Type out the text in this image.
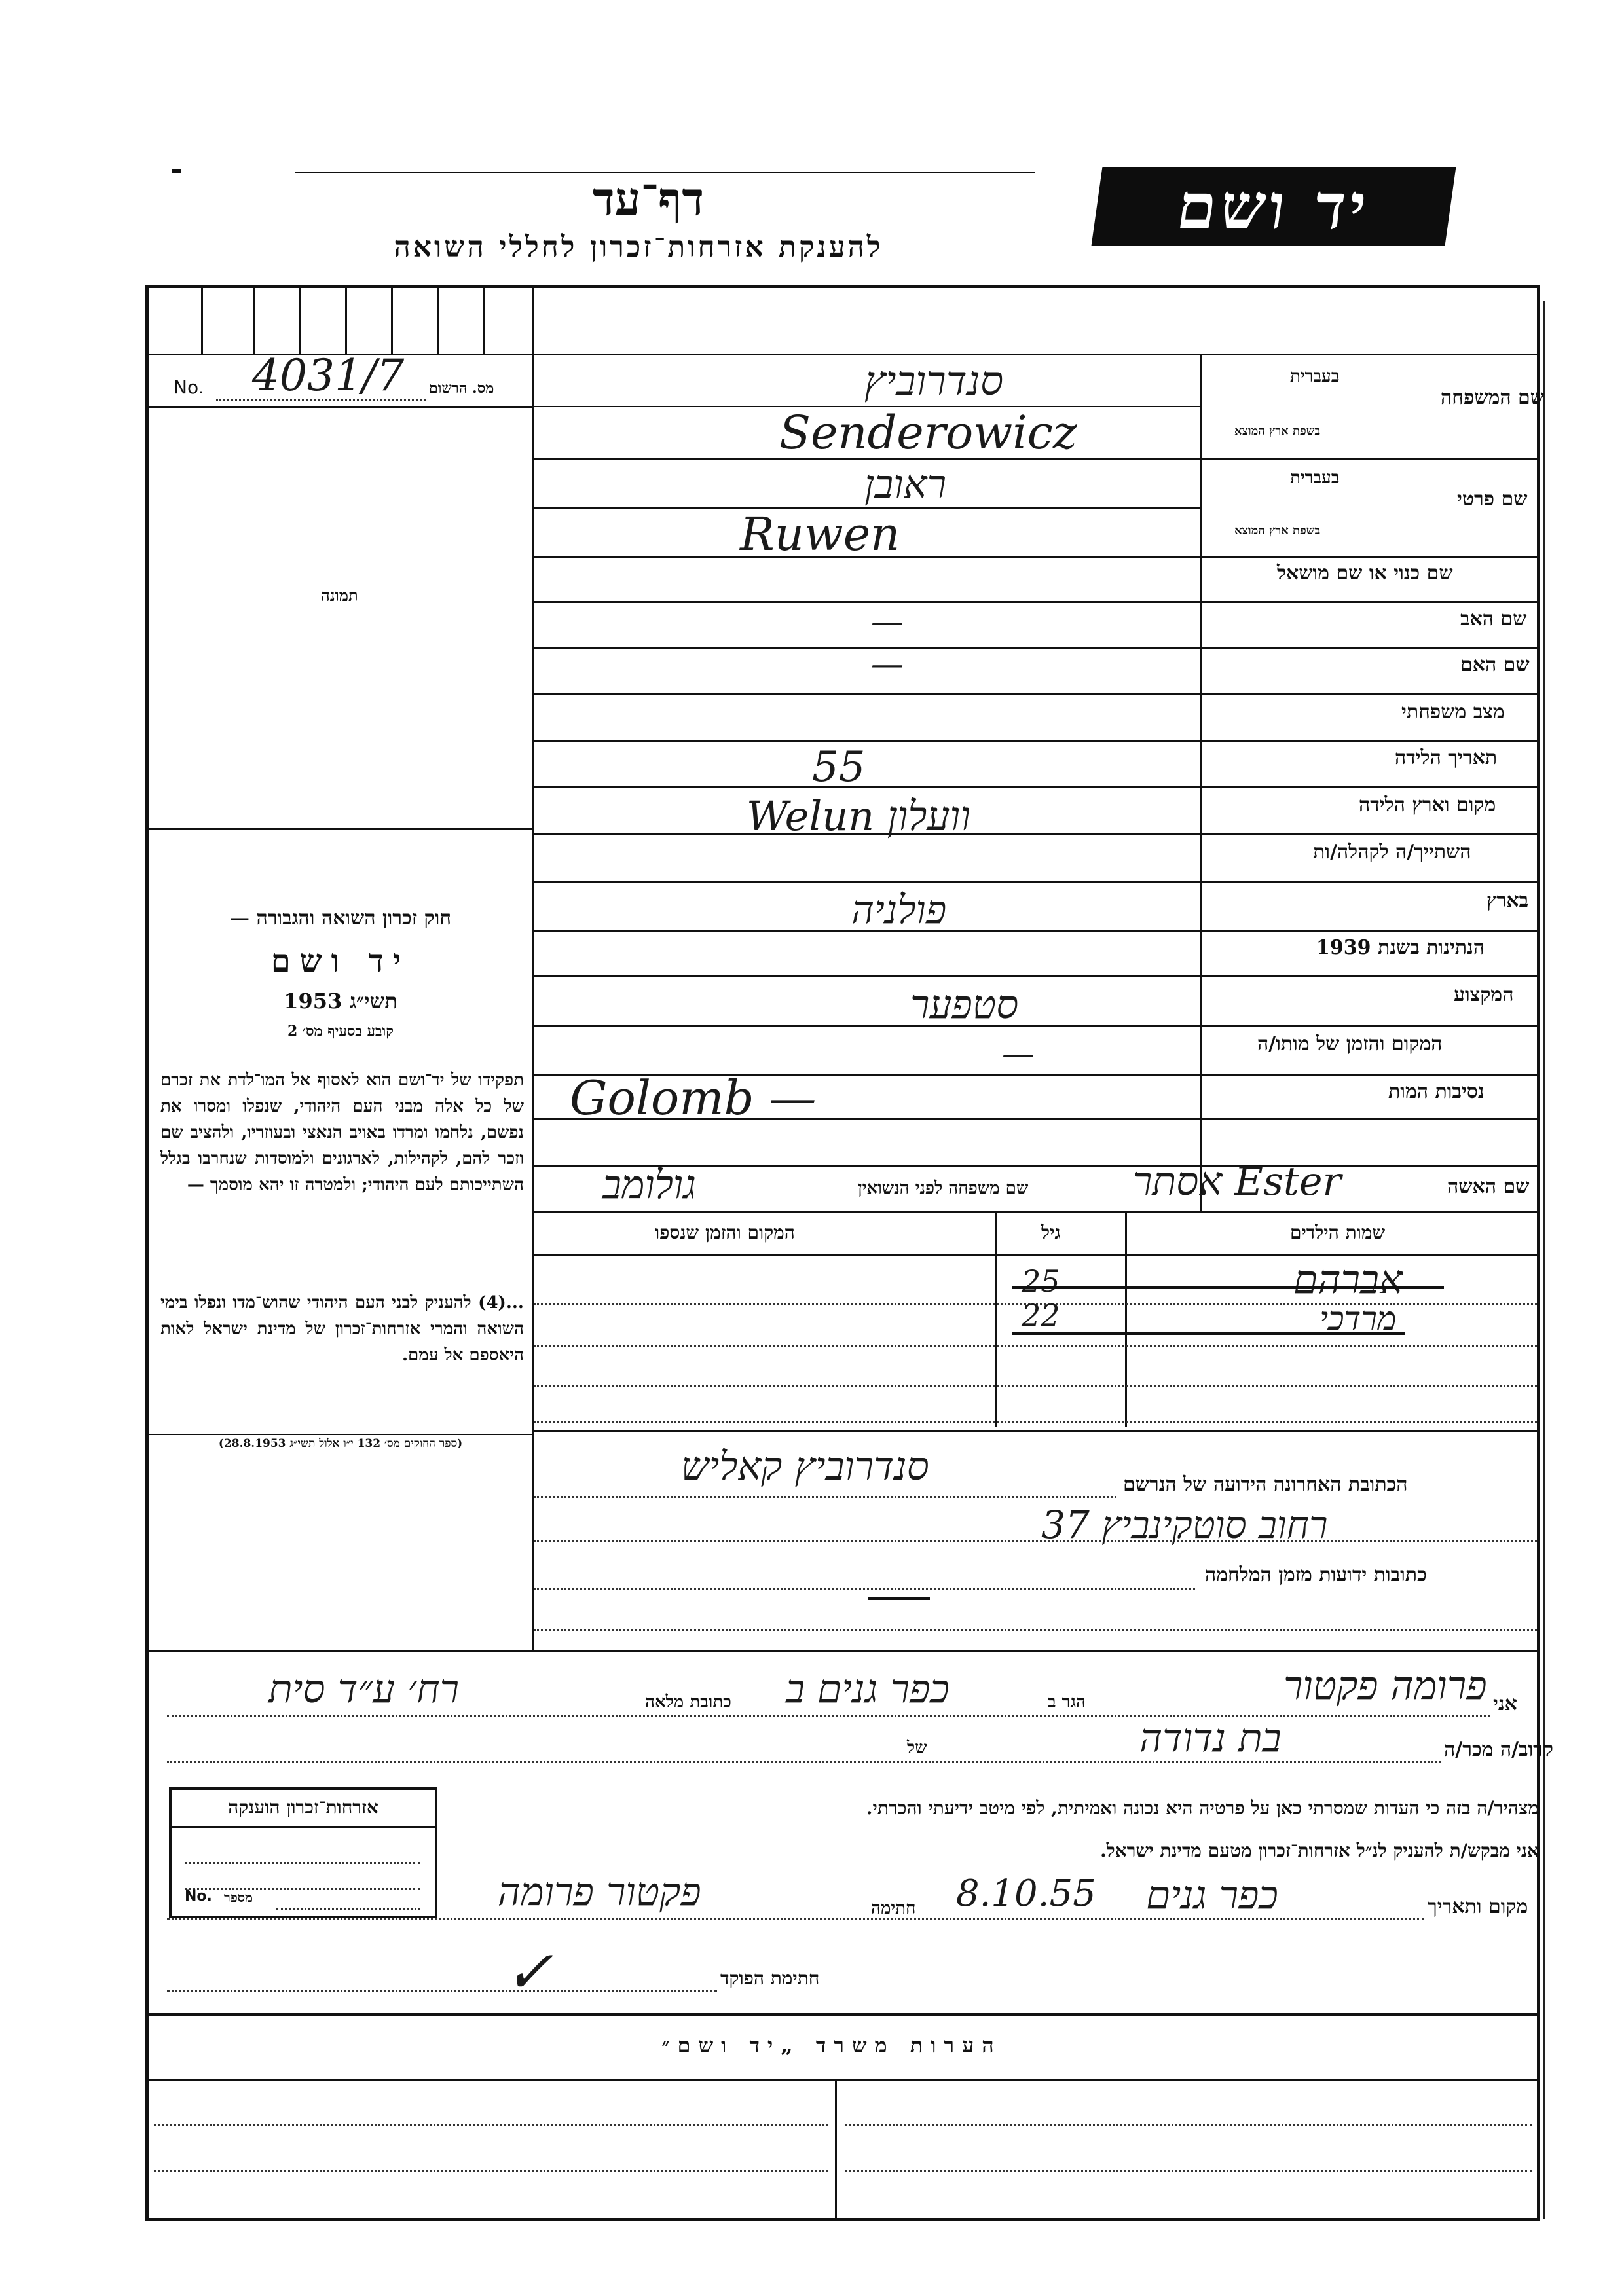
יד ושם
דף־עד
להענקת אזרחות־זכרון לחללי השואה
No. 4031/7 מס. הרשום
תמונה
חוק זכרון השואה והגבורה —
יד ושם
תשי״ג 1953
קובע בסעיף מס׳ 2
תפקידו של יד־ושם הוא לאסוף אל המו־לדת את זכרם של כל אלה מבני העם היהודי, שנפלו ומסרו את נפשם, נלחמו ומרדו באויב הנאצי ובעוזריו, ולהציב שם וזכר להם, לקהילות, לארגונים ולמוסדות שנחרבו בגלל השתייכותם לעם היהודי; ולמטרה זו יהא מוסמך —
...(4) להעניק לבני העם היהודי שהוש־מדו ונפלו בימי השואה והמרי אזרחות־זכרון של מדינת ישראל לאות היאספם אל עמם.
(ספר החוקים מס׳ 132 י״ו אלול תשי״ג 28.8.1953)
שם המשפחה
בעברית
בשפת ארץ המוצא
סנדרוביץ
Senderowicz
שם פרטי
בעברית
בשפת ארץ המוצא
ראובן
Ruwen
שם כנוי או שם מושאל
שם האב
—
שם האם
—
מצב משפחתי
תאריך הלידה
55
מקום וארץ הלידה
Welun וועלון
השתייך/ה לקהלה/ות
בארץ
פולניה
הנתינות בשנת 1939
המקצוע
סטפער
המקום והזמן של מותו/ה
—
נסיבות המות
Golomb —
שם האשה
אסתר Ester
שם משפחה לפני הנשואין
גולומב
שמות הילדים
גיל
המקום והזמן שנספו
אברהם
25
מרדכי
22
הכתובת האחרונה הידועה של הנרשם
סנדרוביץ קאליש
רחוב סוטקינביץ 37
כתובות ידועות מזמן המלחמה
אני
פרומה פקטור
הגר ב
כפר גנים ב
כתובת מלאה
רח׳ ע״ד סית
קרוב/ה מכר/ה
בת נדודה
של
מצהיר/ה בזה כי העדות שמסרתי כאן על פרטיה היא נכונה ואמיתית, לפי מיטב ידיעתי והכרתי.
אני מבקש/ת להעניק לנ״ל אזרחות־זכרון מטעם מדינת ישראל.
מקום ותאריך
כפר גנים
8.10.55
חתימה
פקטור פרומה
חתימת הפוקד
✓
אזרחות־זכרון הוענקה
No. מספר
הערות משרד „יד ושם״
